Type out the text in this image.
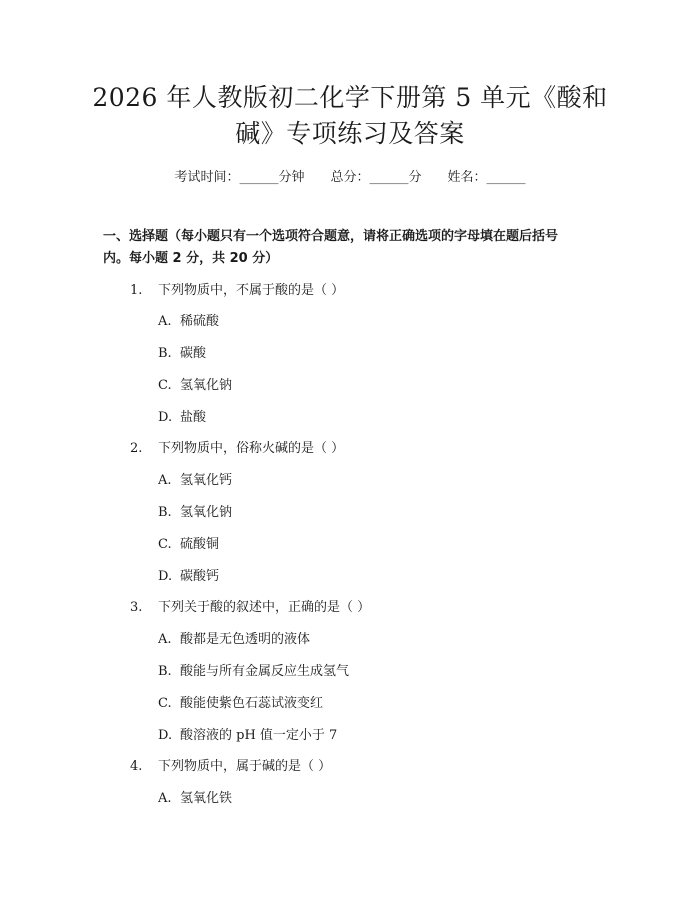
2026 年人教版初二化学下册第 5 单元《酸和
碱》专项练习及答案
考试时间：______分钟 总分：______分 姓名：______
一、选择题（每小题只有一个选项符合题意，请将正确选项的字母填在题后括号
内。每小题 2 分，共 20 分）
1. 下列物质中，不属于酸的是（ ）
A. 稀硫酸
B. 碳酸
C. 氢氧化钠
D. 盐酸
2. 下列物质中，俗称火碱的是（ ）
A. 氢氧化钙
B. 氢氧化钠
C. 硫酸铜
D. 碳酸钙
3. 下列关于酸的叙述中，正确的是（ ）
A. 酸都是无色透明的液体
B. 酸能与所有金属反应生成氢气
C. 酸能使紫色石蕊试液变红
D. 酸溶液的 pH 值一定小于 7
4. 下列物质中，属于碱的是（ ）
A. 氢氧化铁
